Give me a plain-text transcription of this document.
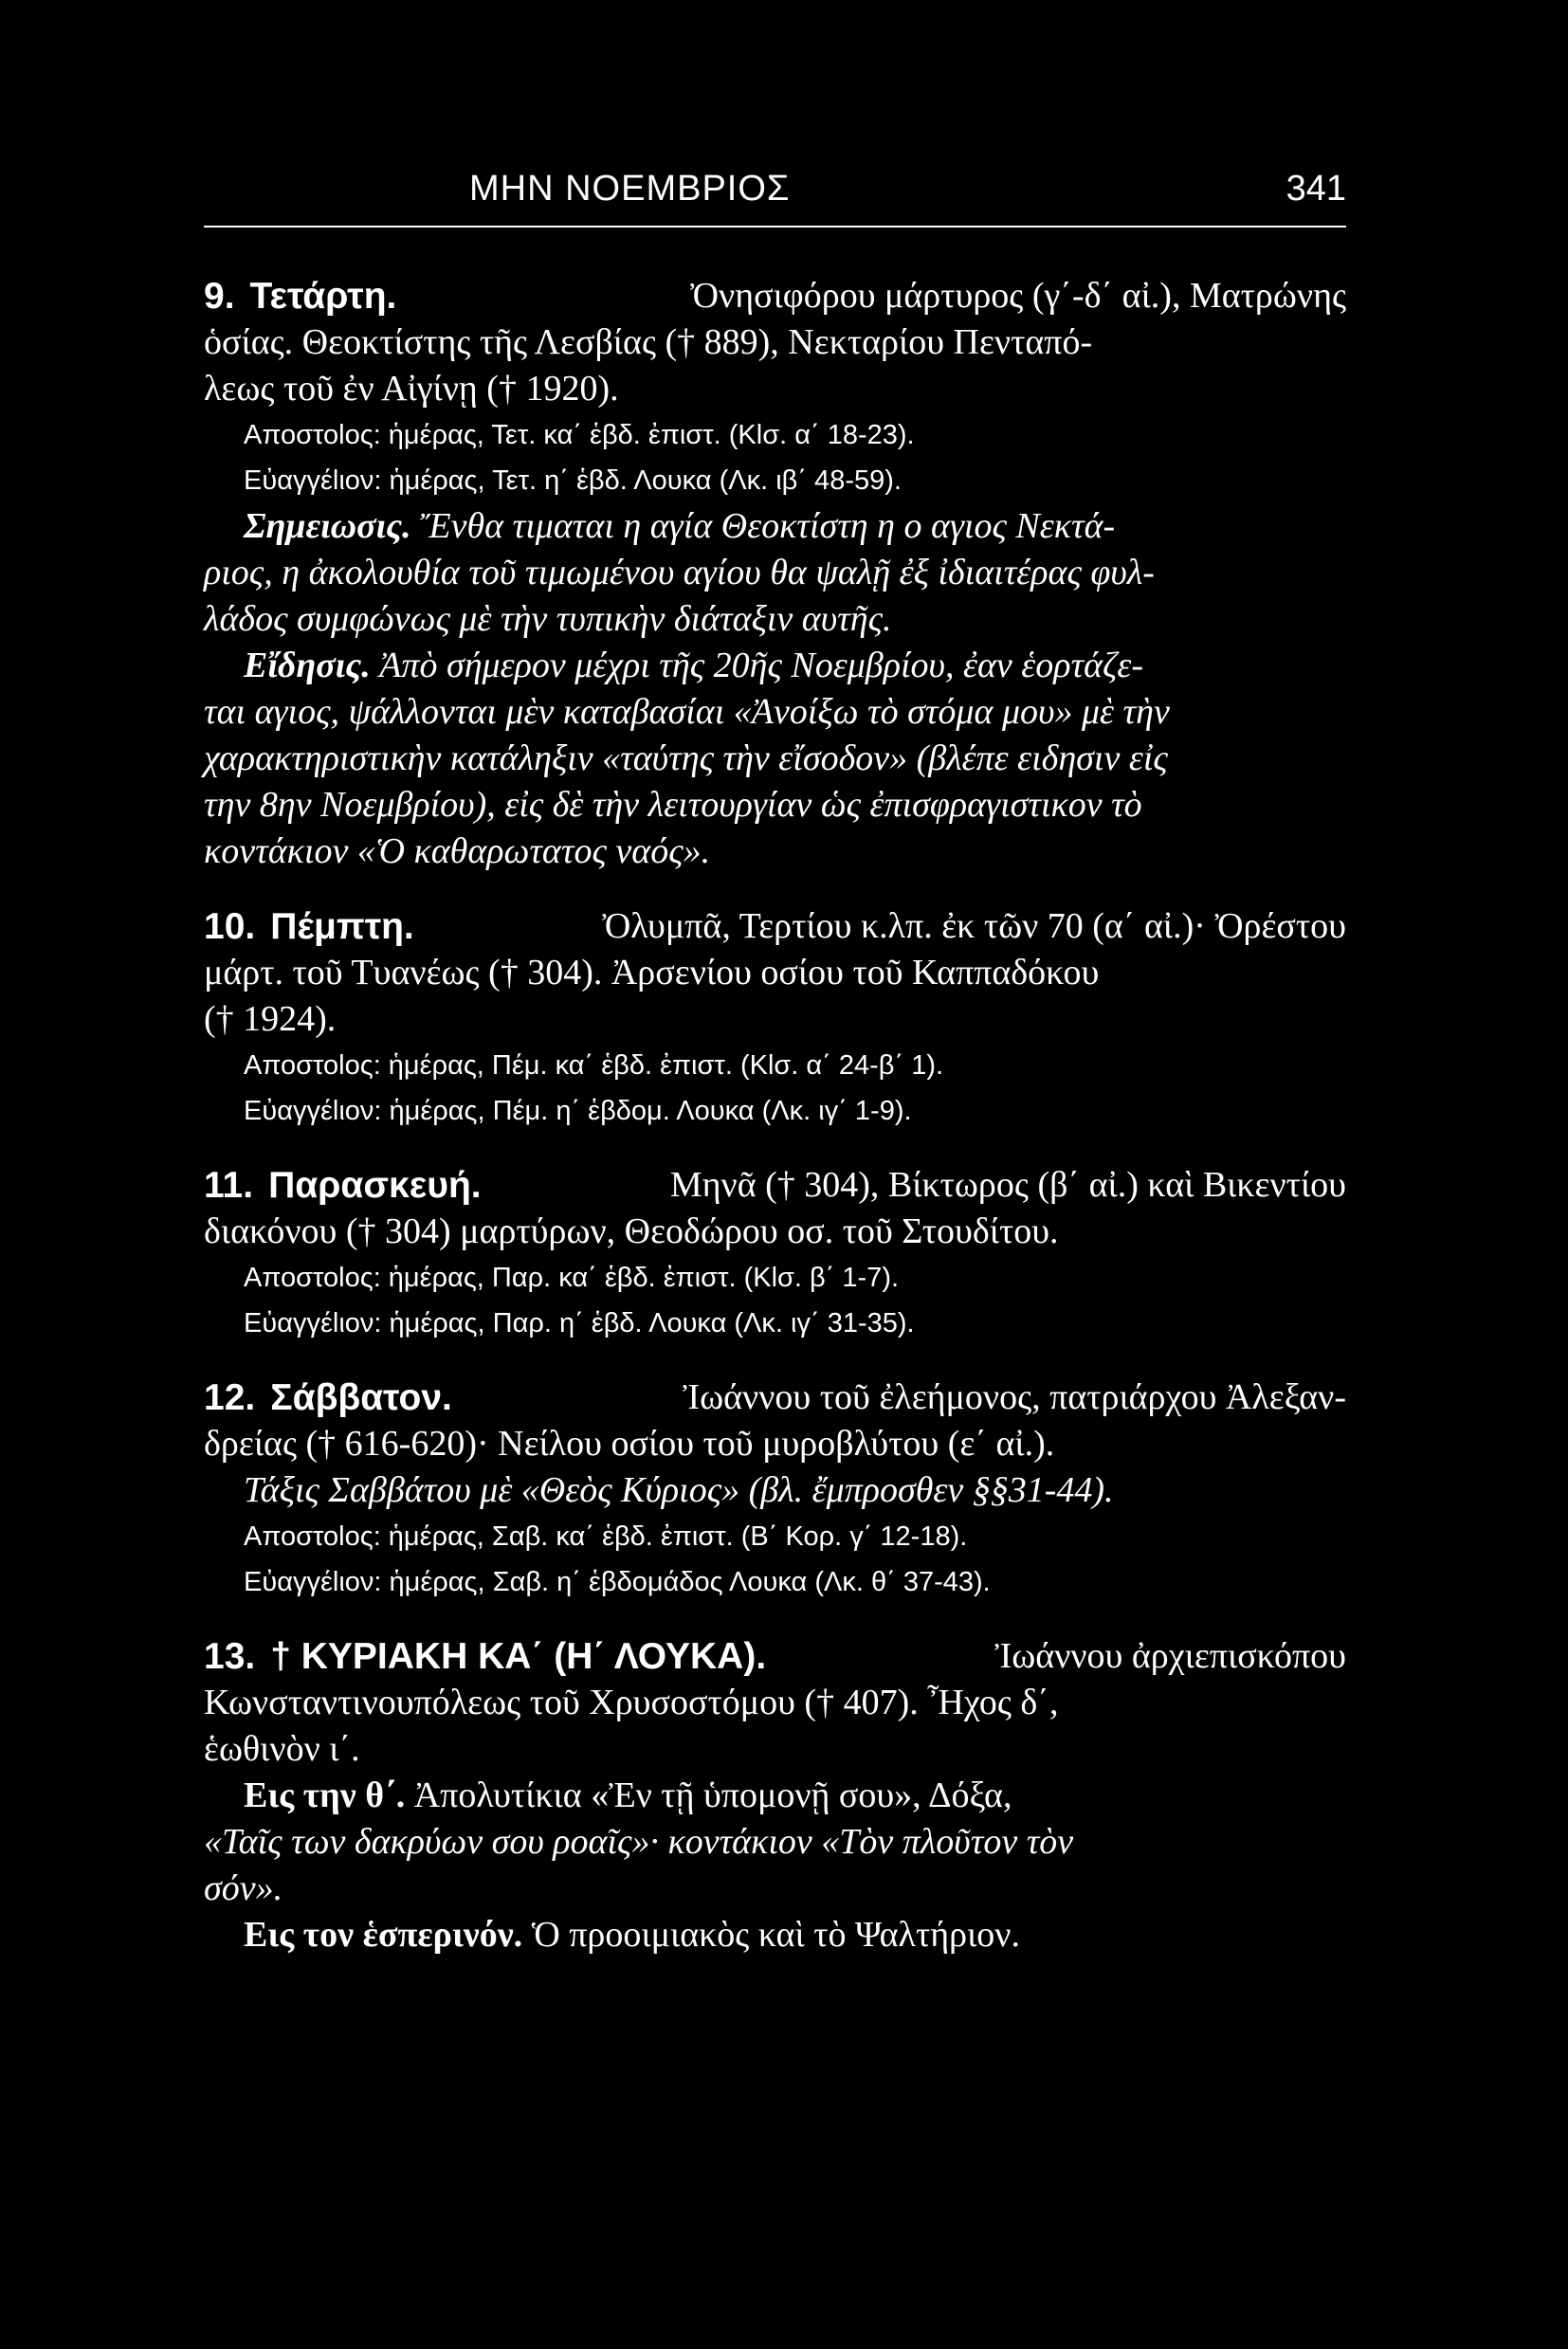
ΜΗΝ ΝΟΕΜΒΡΙΟΣ	341
9. Τετάρτη.	Ὀνησιφόρου μάρτυρος (γ΄-δ΄ αἰ.), Ματρώνης
ὁσίας. Θεοκτίστης τῆς Λεσβίας († 889), Νεκταρίου Πενταπό-
λεως τοῦ ἐν Αἰγίνῃ († 1920).
Αποστοlος: ἡμέρας, Τετ. κα΄ ἑβδ. ἐπιστ. (Κlσ. α΄ 18-23).
Εὐαγγέlιον: ἡμέρας, Τετ. η΄ ἑβδ. Λουκα (Λκ. ιβ΄ 48-59).
Σημειωσις. Ἔνθα τιμαται η αγία Θεοκτίστη η ο αγιος Νεκτά-
ριος, η ἀκολουθία τοῦ τιμωμένου αγίου θα ψαλῇ ἐξ ἰδιαιτέρας φυλ-
λάδος συμφώνως μὲ τὴν τυπικὴν διάταξιν αυτῆς.
Εἴδησις. Ἀπὸ σήμερον μέχρι τῆς 20ῆς Νοεμβρίου, ἐαν ἑορτάζε-
ται αγιος, ψάλλονται μὲν καταβασίαι «Ἀνοίξω τὸ στόμα μου» μὲ τὴν
χαρακτηριστικὴν κατάληξιν «ταύτης τὴν εἴσοδον» (βλέπε ειδησιν εἰς
την 8ην Νοεμβρίου), εἰς δὲ τὴν λειτουργίαν ὡς ἐπισφραγιστικον τὸ
κοντάκιον «Ὁ καθαρωτατος ναός».
10. Πέμπτη.	Ὀλυμπᾶ, Τερτίου κ.λπ. ἐκ τῶν 70 (α΄ αἰ.)· Ὀρέστου
μάρτ. τοῦ Τυανέως († 304). Ἀρσενίου οσίου τοῦ Καππαδόκου
(† 1924).
Αποστοlος: ἡμέρας, Πέμ. κα΄ ἑβδ. ἐπιστ. (Κlσ. α΄ 24-β΄ 1).
Εὐαγγέlιον: ἡμέρας, Πέμ. η΄ ἑβδομ. Λουκα (Λκ. ιγ΄ 1-9).
11. Παρασκευή.	Μηνᾶ († 304), Βίκτωρος (β΄ αἰ.) καὶ Βικεντίου
διακόνου († 304) μαρτύρων, Θεοδώρου οσ. τοῦ Στουδίτου.
Αποστοlος: ἡμέρας, Παρ. κα΄ ἑβδ. ἐπιστ. (Κlσ. β΄ 1-7).
Εὐαγγέlιον: ἡμέρας, Παρ. η΄ ἑβδ. Λουκα (Λκ. ιγ΄ 31-35).
12. Σάββατον.	Ἰωάννου τοῦ ἐλεήμονος, πατριάρχου Ἀλεξαν-
δρείας († 616-620)· Νείλου οσίου τοῦ μυροβλύτου (ε΄ αἰ.).
Τάξις Σαββάτου μὲ «Θεὸς Κύριος» (βλ. ἔμπροσθεν §§31-44).
Αποστοlος: ἡμέρας, Σαβ. κα΄ ἑβδ. ἐπιστ. (Β΄ Κορ. γ΄ 12-18).
Εὐαγγέlιον: ἡμέρας, Σαβ. η΄ ἑβδομάδος Λουκα (Λκ. θ΄ 37-43).
13. † ΚΥΡΙΑΚΗ ΚΑ΄ (Η΄ ΛΟΥΚΑ).	Ἰωάννου ἀρχιεπισκόπου
Κωνσταντινουπόλεως τοῦ Χρυσοστόμου († 407). Ἦχος δ΄,
ἑωθινὸν ι΄.
Εις την θ΄. Ἀπολυτίκια «Ἐν τῇ ὑπομονῇ σου», Δόξα,
«Ταῖς των δακρύων σου ροαῖς»· κοντάκιον «Τὸν πλοῦτον τὸν
σόν».
Εις τον ἑσπερινόν. Ὁ προοιμιακὸς καὶ τὸ Ψαλτήριον.
